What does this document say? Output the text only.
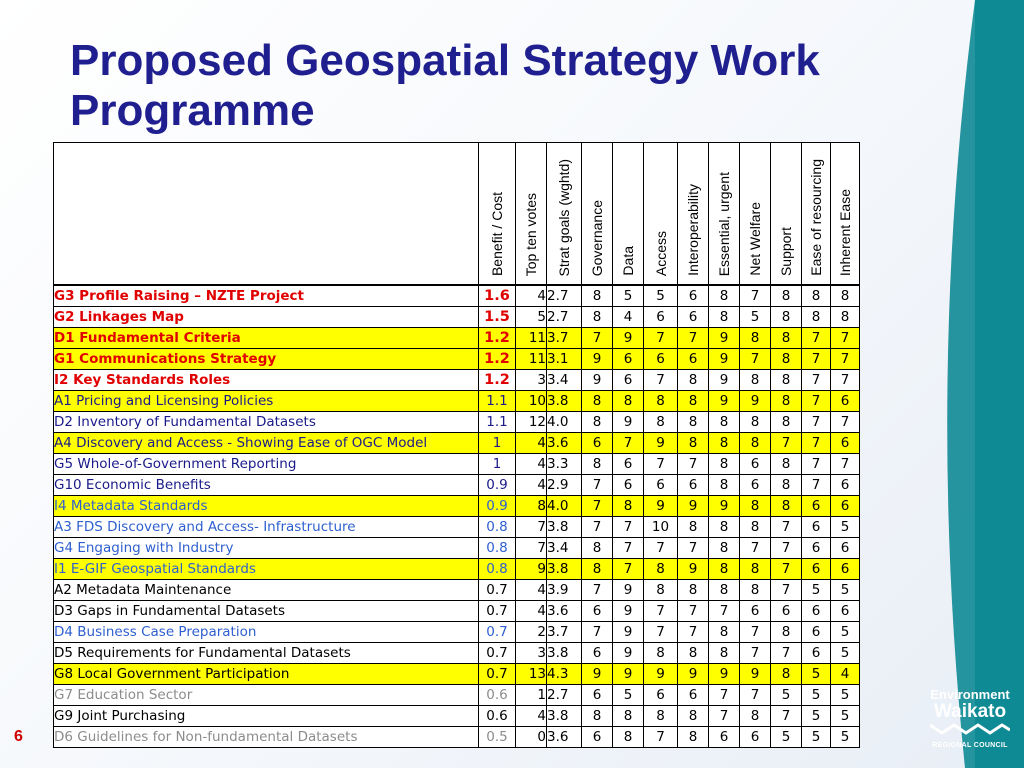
Proposed Geospatial Strategy Work Programme
	Benefit / Cost	Top ten votes	Strat goals (wghtd)	Governance	Data	Access	Interoperability	Essential, urgent	Net Welfare	Support	Ease of resourcing	Inherent Ease
G3 Profile Raising – NZTE Project	1.6	4	2.7	8	5	5	6	8	7	8	8	8
G2 Linkages Map	1.5	5	2.7	8	4	6	6	8	5	8	8	8
D1 Fundamental Criteria	1.2	11	3.7	7	9	7	7	9	8	8	7	7
G1 Communications Strategy	1.2	11	3.1	9	6	6	6	9	7	8	7	7
I2 Key Standards Roles	1.2	3	3.4	9	6	7	8	9	8	8	7	7
A1 Pricing and Licensing Policies	1.1	10	3.8	8	8	8	8	9	9	8	7	6
D2 Inventory of Fundamental Datasets	1.1	12	4.0	8	9	8	8	8	8	8	7	7
A4 Discovery and Access - Showing Ease of OGC Model	1	4	3.6	6	7	9	8	8	8	7	7	6
G5 Whole-of-Government Reporting	1	4	3.3	8	6	7	7	8	6	8	7	7
G10 Economic Benefits	0.9	4	2.9	7	6	6	6	8	6	8	7	6
I4 Metadata Standards	0.9	8	4.0	7	8	9	9	9	8	8	6	6
A3 FDS Discovery and Access- Infrastructure	0.8	7	3.8	7	7	10	8	8	8	7	6	5
G4 Engaging with Industry	0.8	7	3.4	8	7	7	7	8	7	7	6	6
I1 E-GIF Geospatial Standards	0.8	9	3.8	8	7	8	9	8	8	7	6	6
A2 Metadata Maintenance	0.7	4	3.9	7	9	8	8	8	8	7	5	5
D3 Gaps in Fundamental Datasets	0.7	4	3.6	6	9	7	7	7	6	6	6	6
D4 Business Case Preparation	0.7	2	3.7	7	9	7	7	8	7	8	6	5
D5 Requirements for Fundamental Datasets	0.7	3	3.8	6	9	8	8	8	7	7	6	5
G8 Local Government Participation	0.7	13	4.3	9	9	9	9	9	9	8	5	4
G7 Education Sector	0.6	1	2.7	6	5	6	6	7	7	5	5	5
G9 Joint Purchasing	0.6	4	3.8	8	8	8	8	7	8	7	5	5
D6 Guidelines for Non-fundamental Datasets	0.5	0	3.6	6	8	7	8	6	6	5	5	5
6
Environment
Waikato
REGIONAL COUNCIL
